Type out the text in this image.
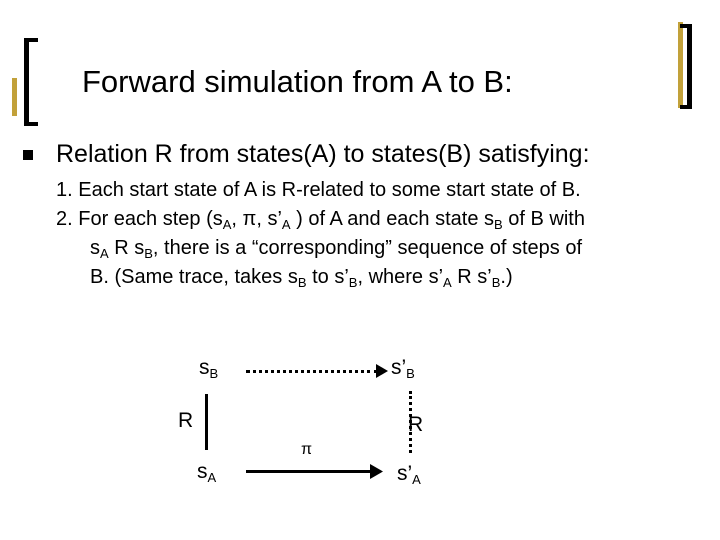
Forward simulation from A to B:
Relation R from states(A) to states(B) satisfying:
1. Each start state of A is R-related to some start state of B.
2. For each step ($s_A$, π, $s’_A$ ) of A and each state $s_B$ of B with
$s_A$ R $s_B$, there is a “corresponding” sequence of steps of
B. (Same trace, takes $s_B$ to $s’_B$, where $s’_A$ R $s’_B$.)
$s_B$	$s’_B$
R	R
π
$s_A$	$s’_A$
